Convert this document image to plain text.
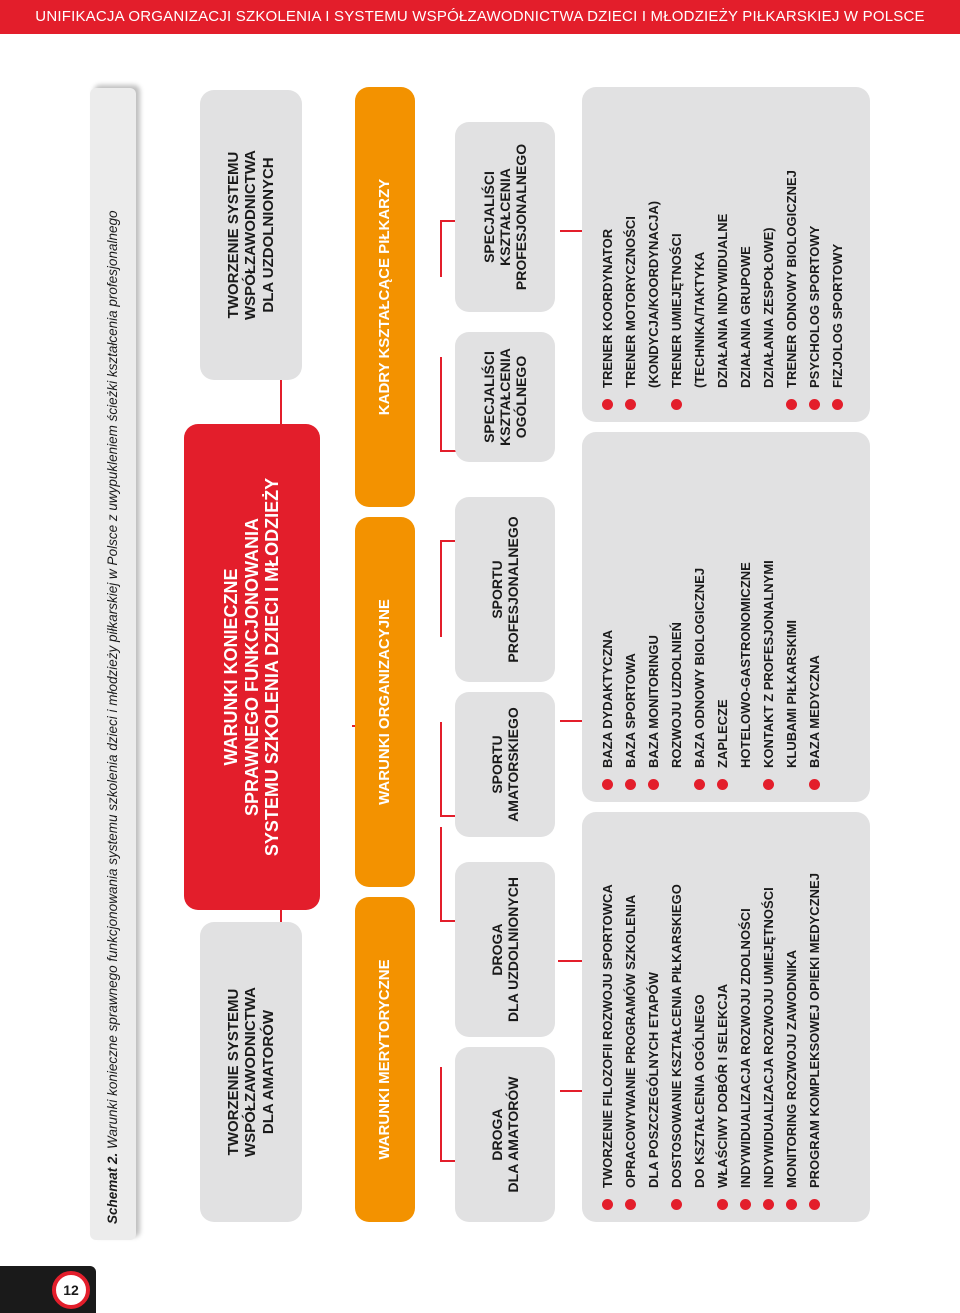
UNIFIKACJA ORGANIZACJI SZKOLENIA I SYSTEMU WSPÓŁZAWODNICTWA DZIECI I MŁODZIEŻY PIŁKARSKIEJ W POLSCE
Schemat 2. Warunki konieczne sprawnego funkcjonowania systemu szkolenia dzieci i młodzieży piłkarskiej w Polsce z uwypukleniem ścieżki kształcenia profesjonalnego	TWORZENIE SYSTEMU WSPÓŁZAWODNICTWA DLA AMATORÓW
WARUNKI KONIECZNE SPRAWNEGO FUNKCJONOWANIA SYSTEMU SZKOLENIA DZIECI I MŁODZIEŻY
TWORZENIE SYSTEMU WSPÓŁZAWODNICTWA DLA UZDOLNIONYCH
WARUNKI MERYTORYCZNE
WARUNKI ORGANIZACYJNE
KADRY KSZTAŁCĄCE PIŁKARZY
DROGA DLA AMATORÓW
DROGA DLA UZDOLNIONYCH
SPORTU AMATORSKIEGO
SPORTU PROFESJONALNEGO
SPECJALIŚCI KSZTAŁCENIA OGÓLNEGO
SPECJALIŚCI KSZTAŁCENIA PROFESJONALNEGO
TWORZENIE FILOZOFII ROZWOJU SPORTOWCA OPRACOWYWANIE PROGRAMÓW SZKOLENIA DLA POSZCZEGÓLNYCH ETAPÓW DOSTOSOWANIE KSZTAŁCENIA PIŁKARSKIEGO DO KSZTAŁCENIA OGÓLNEGO WŁAŚCIWY DOBÓR I SELEKCJA INDYWIDUALIZACJA ROZWOJU ZDOLNOŚCI INDYWIDUALIZACJA ROZWOJU UMIEJĘTNOŚCI MONITORING ROZWOJU ZAWODNIKA PROGRAM KOMPLEKSOWEJ OPIEKI MEDYCZNEJ
BAZA DYDAKTYCZNA BAZA SPORTOWA BAZA MONITORINGU ROZWOJU UZDOLNIEŃ BAZA ODNOWY BIOLOGICZNEJ ZAPLECZE HOTELOWO-GASTRONOMICZNE KONTAKT Z PROFESJONALNYMI KLUBAMI PIŁKARSKIMI BAZA MEDYCZNA
TRENER KOORDYNATOR TRENER MOTORYCZNOŚCI (KONDYCJA/KOORDYNACJA) TRENER UMIEJĘTNOŚCI (TECHNIKA/TAKTYKA DZIAŁANIA INDYWIDUALNE DZIAŁANIA GRUPOWE DZIAŁANIA ZESPOŁOWE) TRENER ODNOWY BIOLOGICZNEJ PSYCHOLOG SPORTOWY FIZJOLOG SPORTOWY
12
